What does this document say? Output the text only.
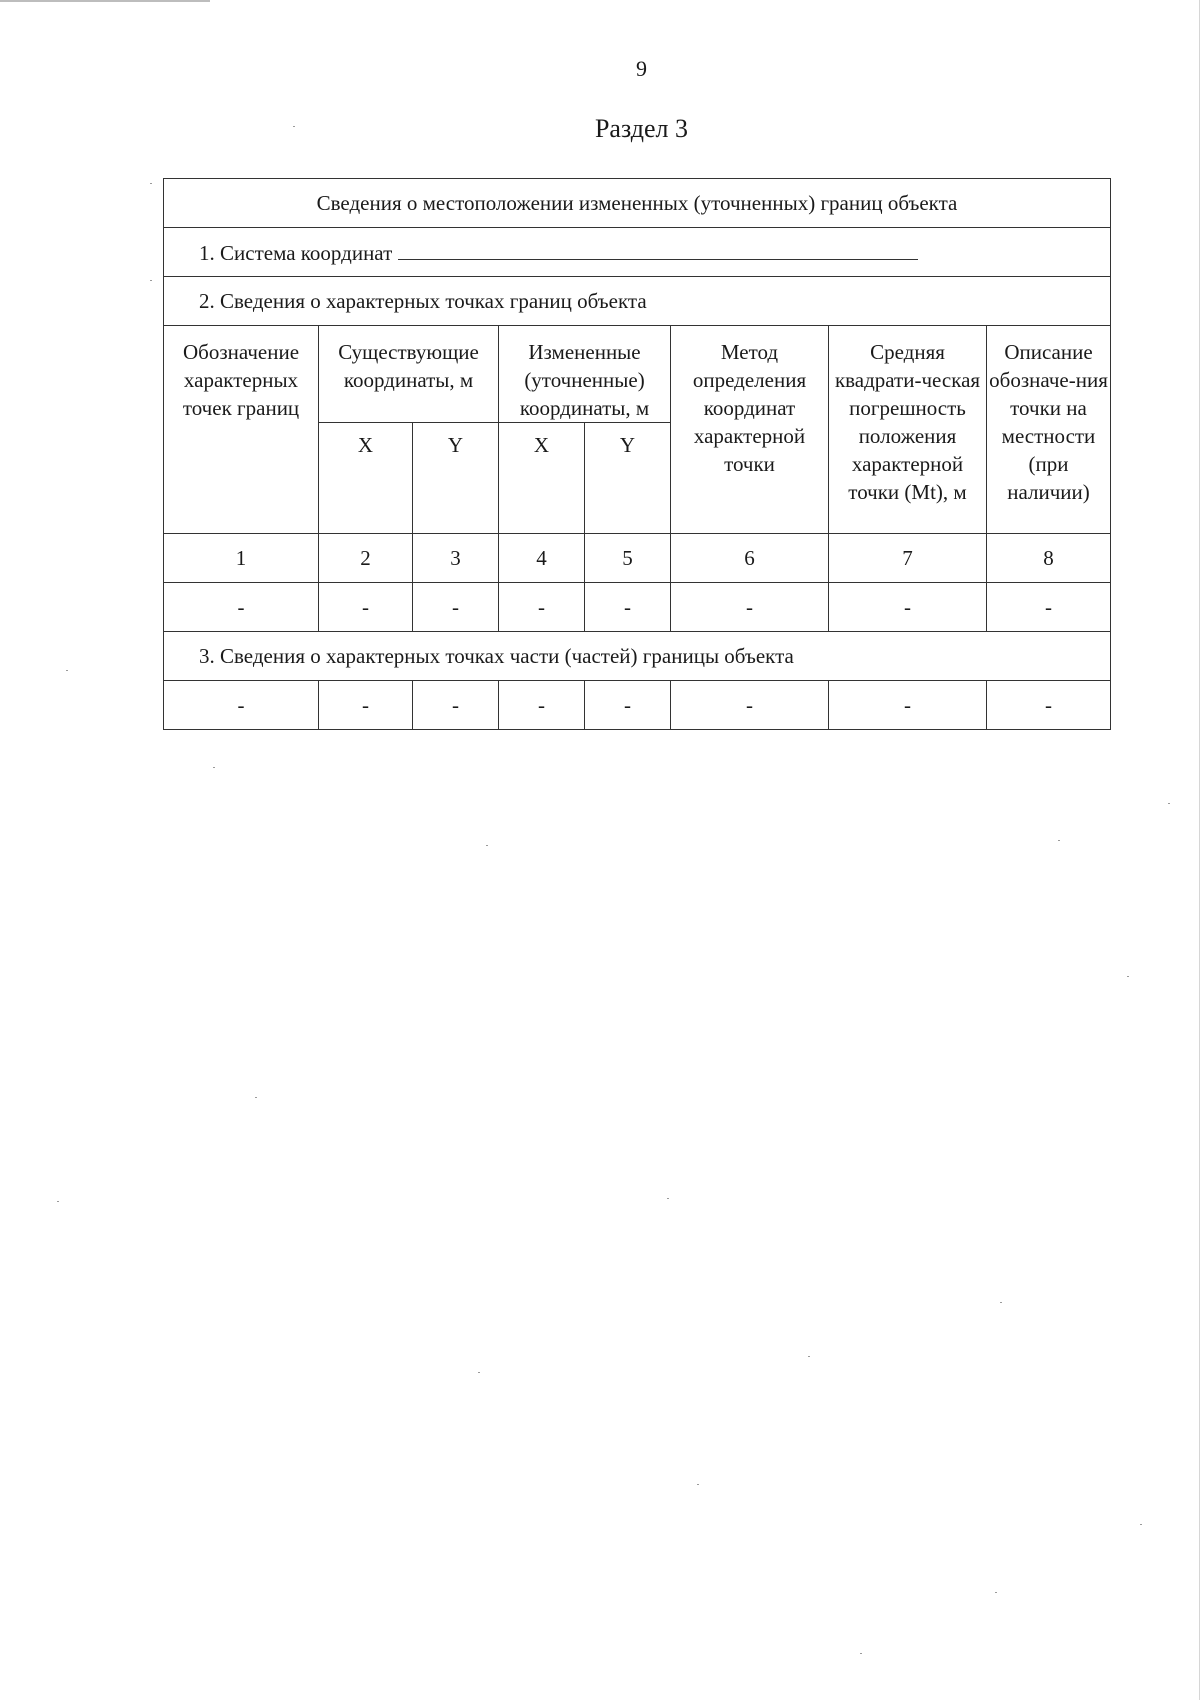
9
Раздел 3
Сведения о местоположении измененных (уточненных) границ объекта							
1. Система координат							
2. Сведения о характерных точках границ объекта							
Обозначение характерных точек границ	Существующие координаты, м		Измененные (уточненные) координаты, м		Метод определения координат характерной точки	Средняя квадрати-ческая погрешность положения характерной точки (Mt), м	Описание обозначе-ния точки на местности (при наличии)
	X	Y	X	Y			
1	2	3	4	5	6	7	8
-	-	-	-	-	-	-	-
3. Сведения о характерных точках части (частей) границы объекта							
-	-	-	-	-	-	-	-
